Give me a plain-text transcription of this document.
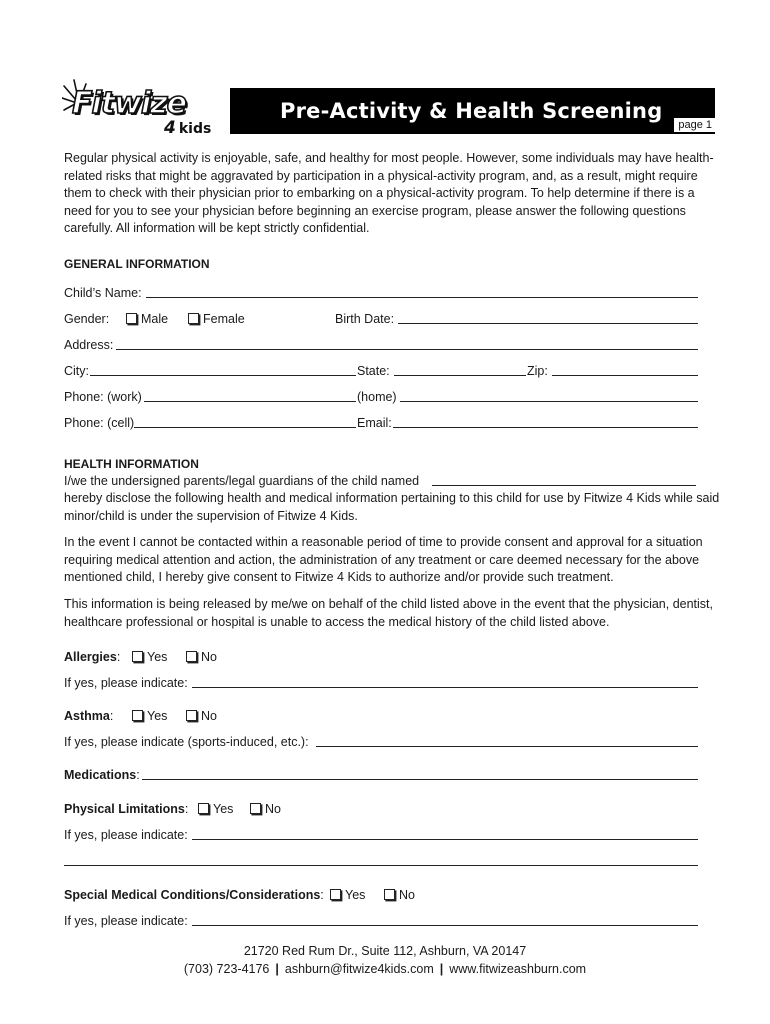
Fitwize
4 kids
Pre-Activity & Health Screening
page 1

Regular physical activity is enjoyable, safe, and healthy for most people. However, some individuals may have health-related risks that might be aggravated by participation in a physical-activity program, and, as a result, might require them to check with their physician prior to embarking on a physical-activity program. To help determine if there is a need for you to see your physician before beginning an exercise program, please answer the following questions carefully. All information will be kept strictly confidential.

GENERAL INFORMATION
Child’s Name:
Gender:	Male	Female	Birth Date:
Address:
City:	State:	Zip:
Phone: (work)	(home)
Phone: (cell)	Email:
HEALTH INFORMATION
I/we the undersigned parents/legal guardians of the child named

hereby disclose the following health and medical information pertaining to this child for use by Fitwize 4 Kids while said minor/child is under the supervision of Fitwize 4 Kids.

In the event I cannot be contacted within a reasonable period of time to provide consent and approval for a situation requiring medical attention and action, the administration of any treatment or care deemed necessary for the above mentioned child, I hereby give consent to Fitwize 4 Kids to authorize and/or provide such treatment.

This information is being released by me/we on behalf of the child listed above in the event that the physician, dentist, healthcare professional or hospital is unable to access the medical history of the child listed above.

Allergies:	Yes	No
If yes, please indicate:
Asthma:	Yes	No
If yes, please indicate (sports-induced, etc.):
Medications:
Physical Limitations:	Yes	No
If yes, please indicate:
Special Medical Conditions/Considerations:	Yes	No
If yes, please indicate:
21720 Red Rum Dr., Suite 112, Ashburn, VA 20147
(703) 723-4176 | ashburn@fitwize4kids.com | www.fitwizeashburn.com
